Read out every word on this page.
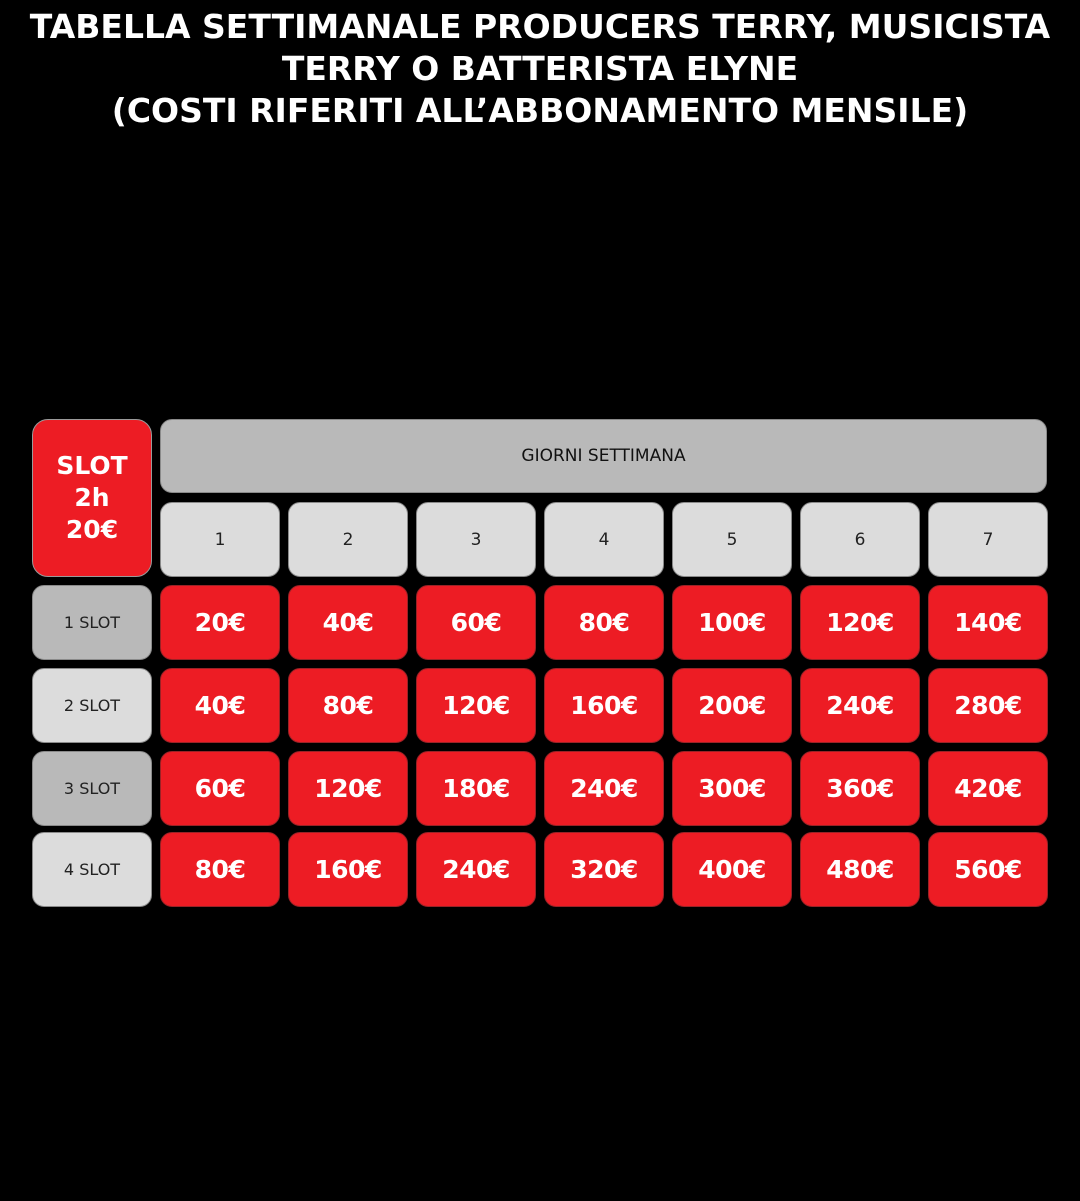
TABELLA SETTIMANALE PRODUCERS TERRY, MUSICISTA
TERRY O BATTERISTA ELYNE
(COSTI RIFERITI ALL’ABBONAMENTO MENSILE)
SLOT
2h
20€
GIORNI SETTIMANA
1	2	3	4	5	6	7
1 SLOT	20€	40€	60€	80€	100€	120€	140€
2 SLOT	40€	80€	120€	160€	200€	240€	280€
3 SLOT	60€	120€	180€	240€	300€	360€	420€
4 SLOT	80€	160€	240€	320€	400€	480€	560€
